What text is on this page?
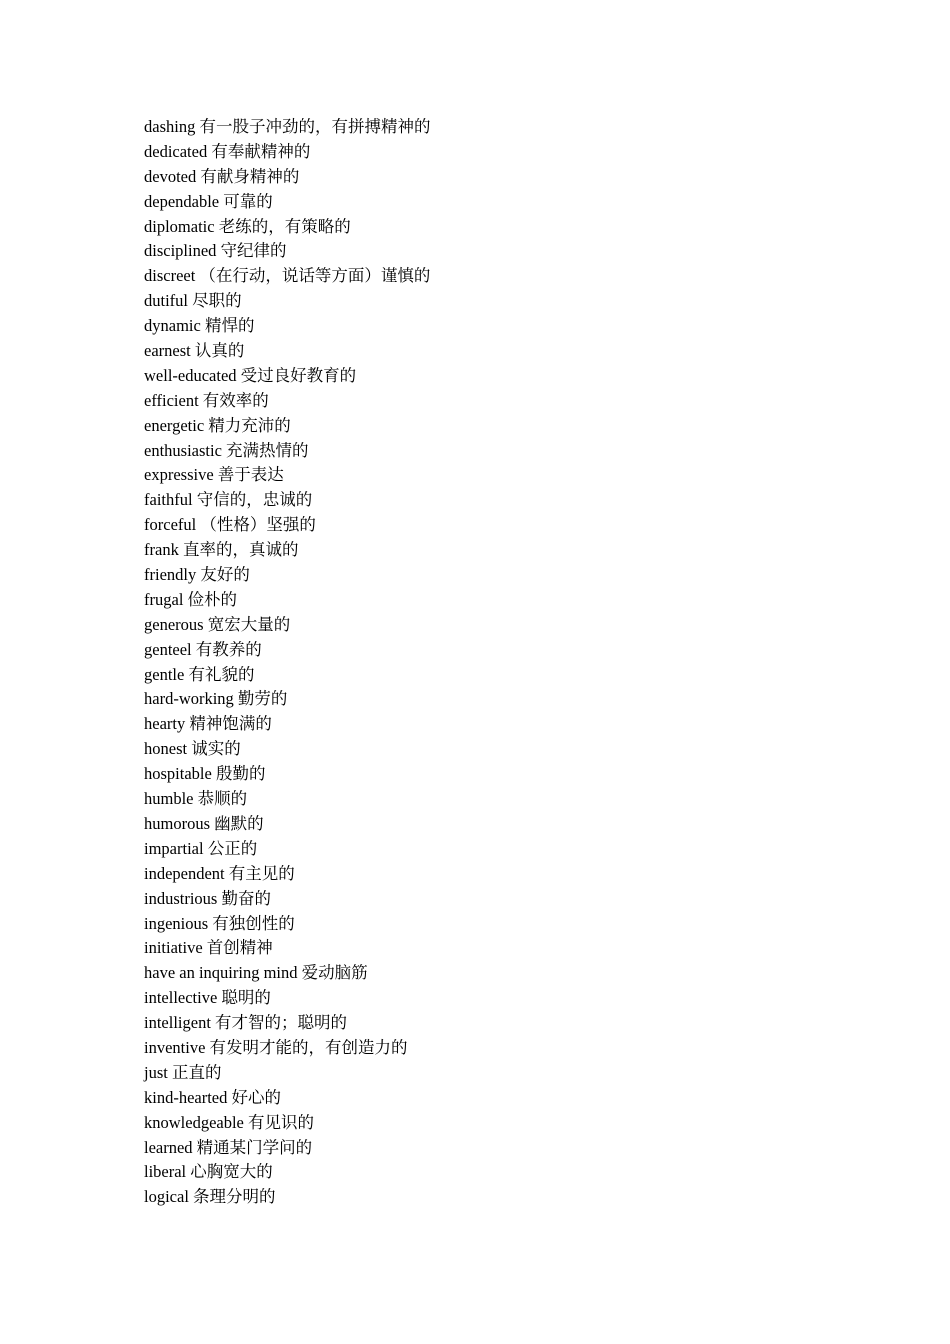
dashing 有一股子冲劲的，有拼搏精神的
dedicated 有奉献精神的
devoted 有献身精神的
dependable 可靠的
diplomatic 老练的，有策略的
disciplined 守纪律的
discreet （在行动，说话等方面）谨慎的
dutiful 尽职的
dynamic 精悍的
earnest 认真的
well-educated 受过良好教育的
efficient 有效率的
energetic 精力充沛的
enthusiastic 充满热情的
expressive 善于表达
faithful 守信的，忠诚的
forceful （性格）坚强的
frank 直率的，真诚的
friendly 友好的
frugal 俭朴的
generous 宽宏大量的
genteel 有教养的
gentle 有礼貌的
hard-working 勤劳的
hearty 精神饱满的
honest 诚实的
hospitable 殷勤的
humble 恭顺的
humorous 幽默的
impartial 公正的
independent 有主见的
industrious 勤奋的
ingenious 有独创性的
initiative 首创精神
have an inquiring mind 爱动脑筋
intellective 聪明的
intelligent 有才智的；聪明的
inventive 有发明才能的，有创造力的
just 正直的
kind-hearted 好心的
knowledgeable 有见识的
learned 精通某门学问的
liberal 心胸宽大的
logical 条理分明的
